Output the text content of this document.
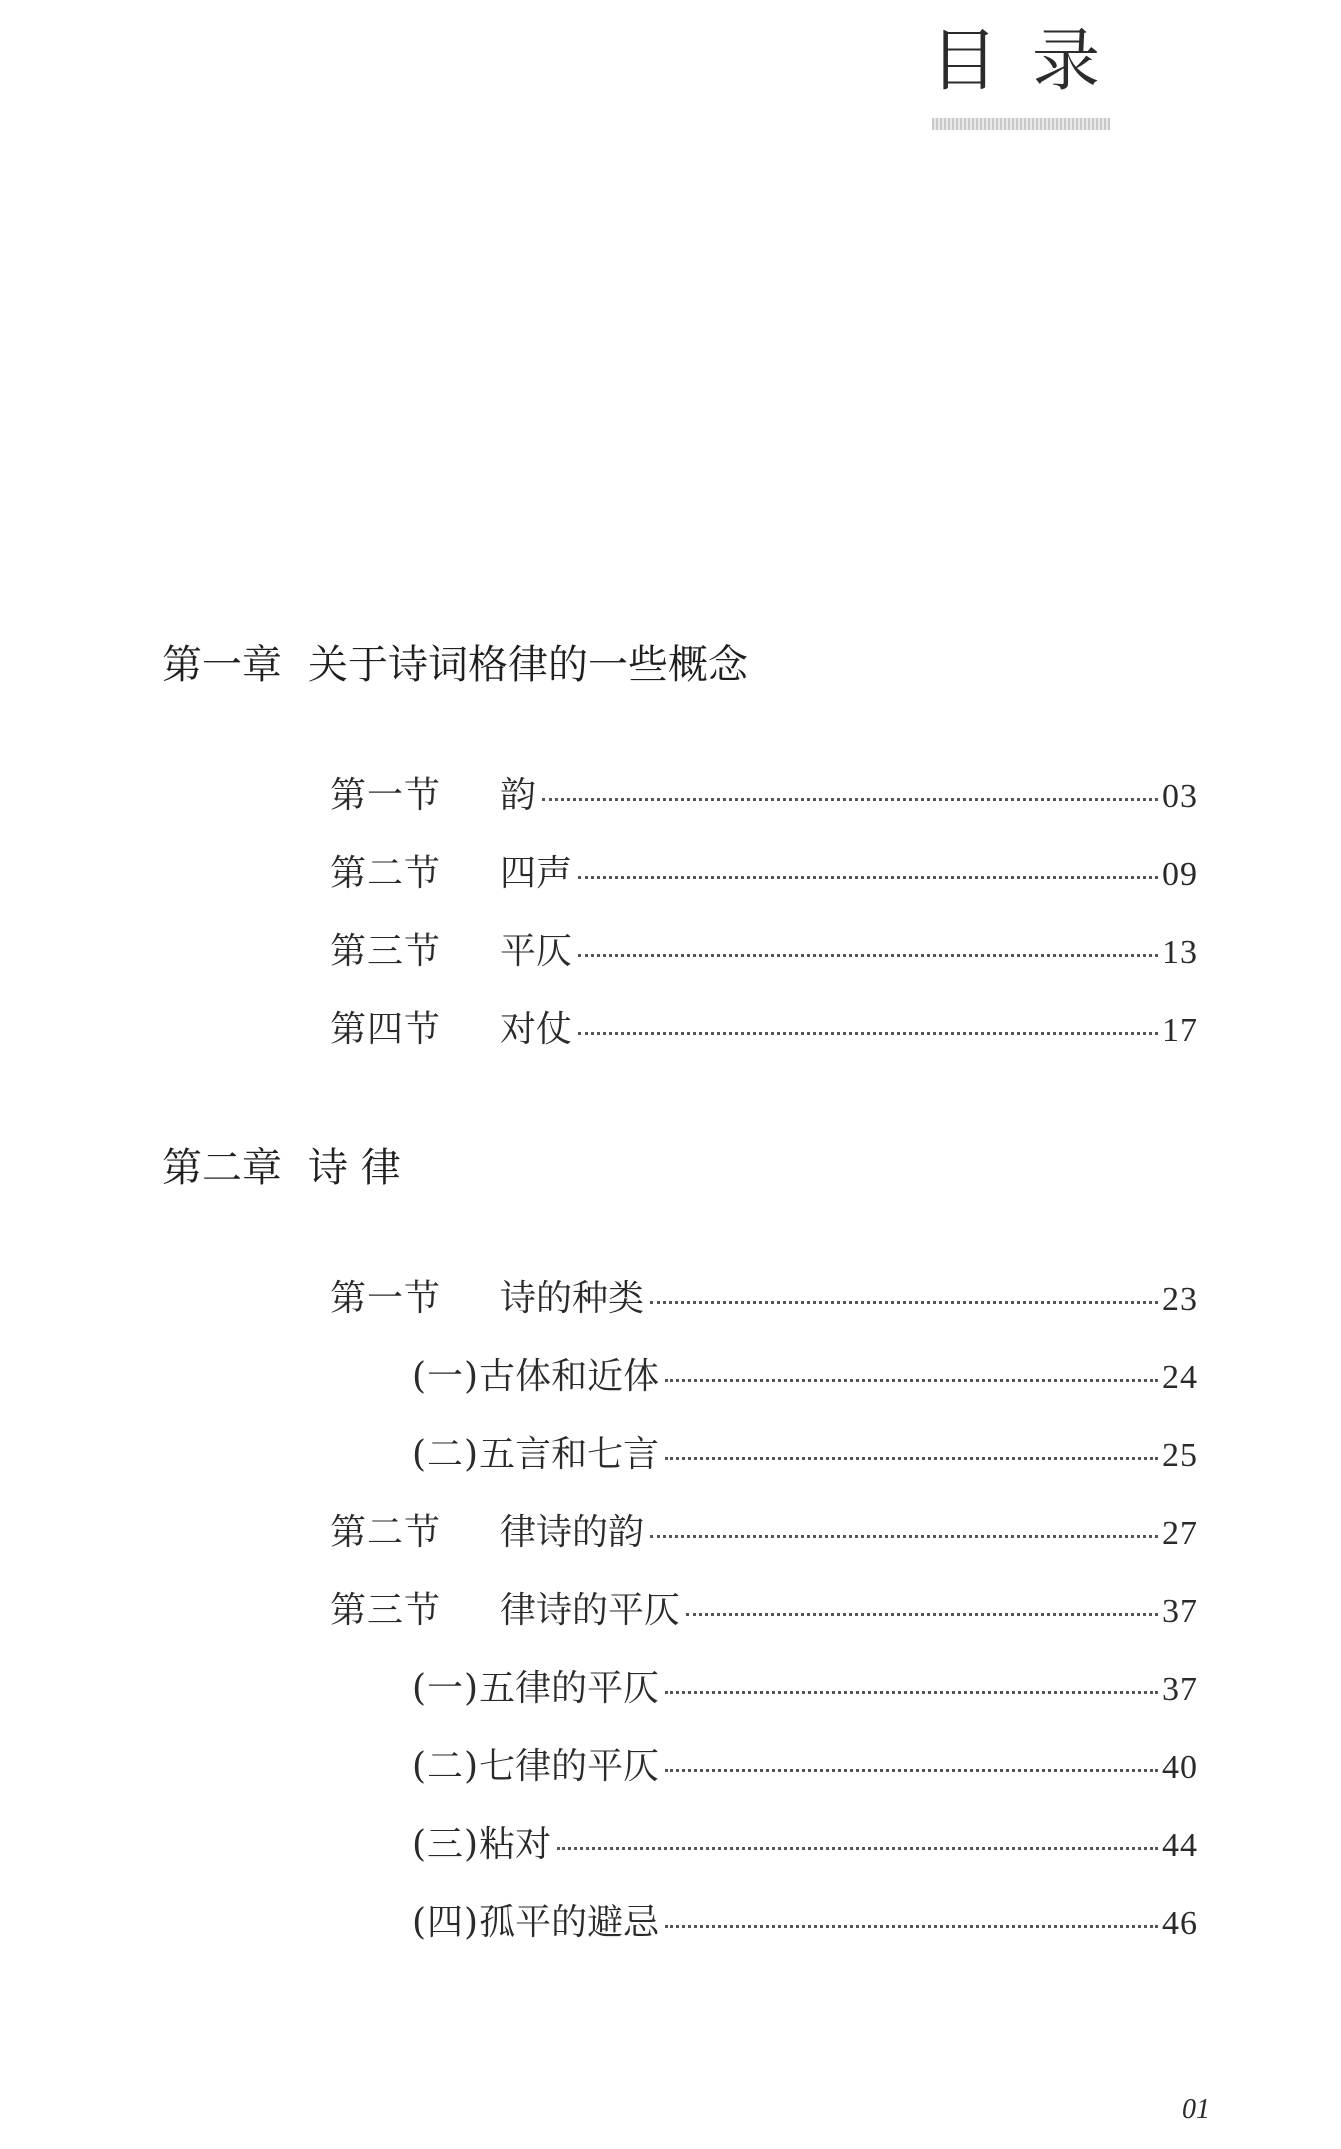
目录
第一章 关于诗词格律的一些概念
第一节	韵	03
第二节	四声	09
第三节	平仄	13
第四节	对仗	17
第二章 诗 律
第一节	诗的种类	23
(一) 古体和近体	24
(二) 五言和七言	25
第二节	律诗的韵	27
第三节	律诗的平仄	37
(一) 五律的平仄	37
(二) 七律的平仄	40
(三) 粘对	44
(四) 孤平的避忌	46
01
